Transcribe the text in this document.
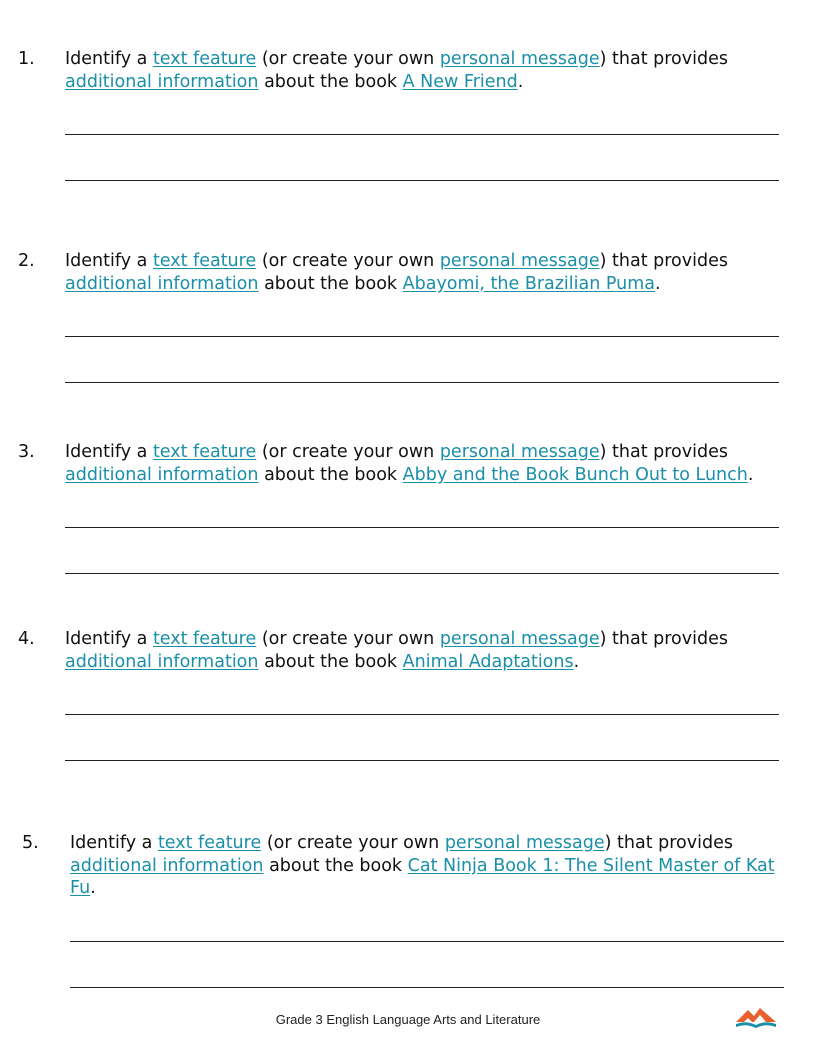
1. Identify a text feature (or create your own personal message) that provides
additional information about the book A New Friend.
2. Identify a text feature (or create your own personal message) that provides
additional information about the book Abayomi, the Brazilian Puma.
3. Identify a text feature (or create your own personal message) that provides
additional information about the book Abby and the Book Bunch Out to Lunch.
4. Identify a text feature (or create your own personal message) that provides
additional information about the book Animal Adaptations.
5. Identify a text feature (or create your own personal message) that provides
additional information about the book Cat Ninja Book 1: The Silent Master of Kat Fu.
Grade 3 English Language Arts and Literature
